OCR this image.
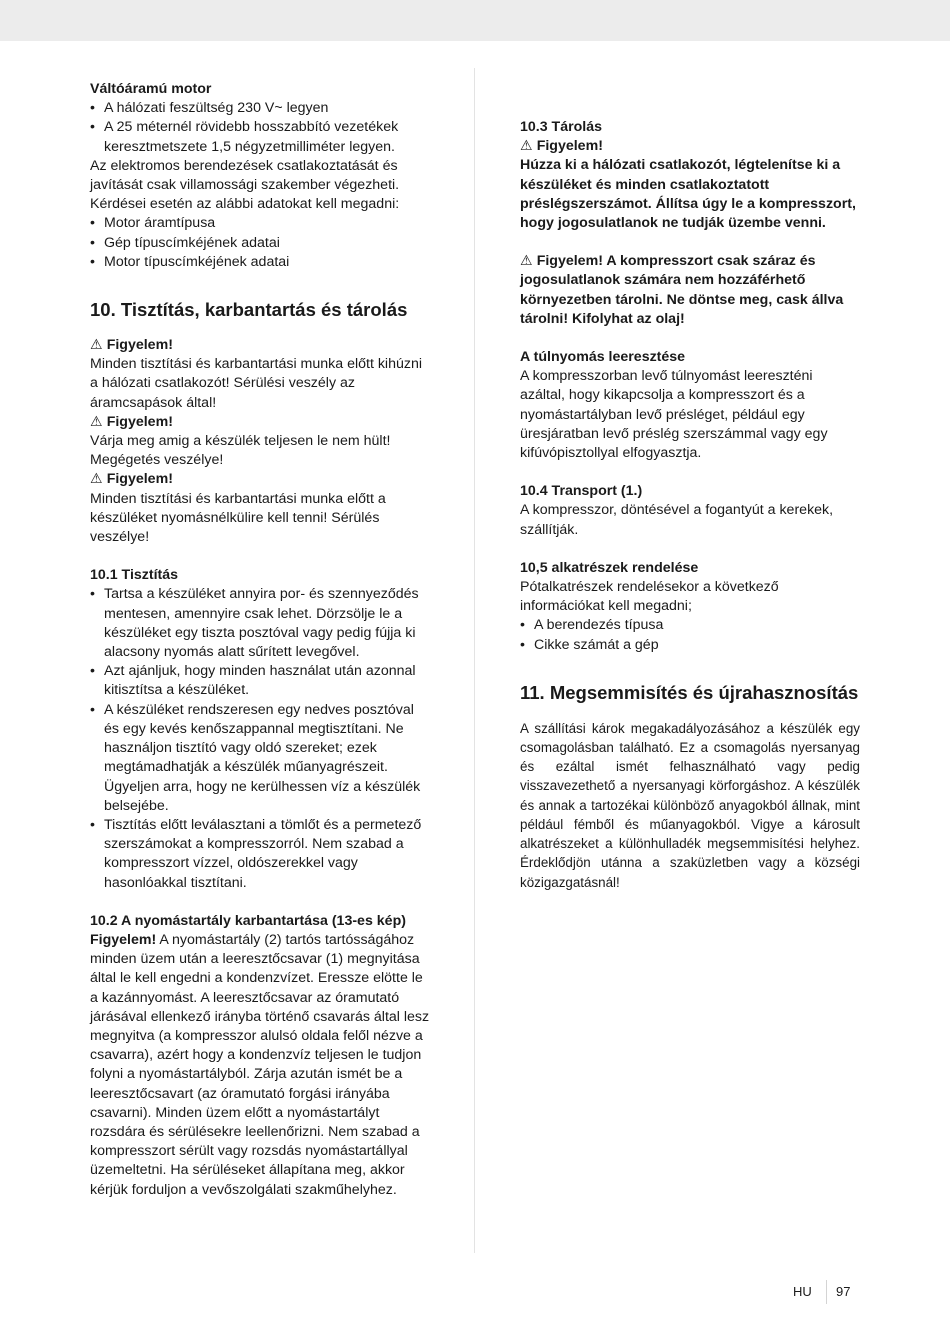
Váltóáramú motor

• A hálózati feszültség 230 V~ legyen
• A 25 méternél rövidebb hosszabbító vezetékek keresztmetszete 1,5 négyzetmilliméter legyen.

Az elektromos berendezések csatlakoztatását és javítását csak villamossági szakember végezheti. Kérdései esetén az alábbi adatokat kell megadni:

• Motor áramtípusa
• Gép típuscímkéjének adatai
• Motor típuscímkéjének adatai

10. Tisztítás, karbantartás és tárolás

⚠ Figyelem!

Minden tisztítási és karbantartási munka előtt kihúzni a hálózati csatlakozót! Sérülési veszély az áramcsapások által!

⚠ Figyelem!

Várja meg amig a készülék teljesen le nem hült! Megégetés veszélye!

⚠ Figyelem!

Minden tisztítási és karbantartási munka előtt a készüléket nyomásnélkülire kell tenni! Sérülés veszélye!

10.1 Tisztítás

• Tartsa a készüléket annyira por- és szennyeződés mentesen, amennyire csak lehet. Dörzsölje le a készüléket egy tiszta posztóval vagy pedig fújja ki alacsony nyomás alatt sűrített levegővel.
• Azt ajánljuk, hogy minden használat után azonnal kitisztítsa a készüléket.
• A készüléket rendszeresen egy nedves posztóval és egy kevés kenőszappannal megtisztítani. Ne használjon tisztító vagy oldó szereket; ezek megtámadhatják a készülék műanyagrészeit. Ügyeljen arra, hogy ne kerülhessen víz a készülék belsejébe.
• Tisztítás előtt leválasztani a tömlőt és a permetező szerszámokat a kompresszorról. Nem szabad a kompresszort vízzel, oldószerekkel vagy hasonlóakkal tisztítani.

10.2 A nyomástartály karbantartása (13-es kép)

Figyelem! A nyomástartály (2) tartós tartósságához minden üzem után a leeresztőcsavar (1) megnyitása által le kell engedni a kondenzvízet. Eressze elötte le a kazánnyomást. A leeresztőcsavar az óramutató járásával ellenkező irányba történő csavarás által lesz megnyitva (a kompresszor alulsó oldala felől nézve a csavarra), azért hogy a kondenzvíz teljesen le tudjon folyni a nyomástartályból. Zárja azután ismét be a leeresztőcsavart (az óramutató forgási irányába csavarni). Minden üzem előtt a nyomástartályt rozsdára és sérülésekre leellenőrizni. Nem szabad a kompresszort sérült vagy rozsdás nyomástartállyal üzemeltetni. Ha sérüléseket állapítana meg, akkor kérjük forduljon a vevőszolgálati szakműhelyhez.

10.3 Tárolás

⚠ Figyelem!

Húzza ki a hálózati csatlakozót, légtelenítse ki a készüléket és minden csatlakoztatott préslégszerszámot. Állítsa úgy le a kompresszort, hogy jogosulatlanok ne tudják üzembe venni.

⚠ Figyelem! A kompresszort csak száraz és jogosulatlanok számára nem hozzáférhető környezetben tárolni. Ne döntse meg, cask állva tárolni! Kifolyhat az olaj!

A túlnyomás leeresztése

A kompresszorban levő túlnyomást leereszténi azáltal, hogy kikapcsolja a kompresszort és a nyomástartályban levő présléget, például egy üresjáratban levő préslég szerszámmal vagy egy kifúvópisztollyal elfogyasztja.

10.4 Transport (1.)

A kompresszor, döntésével a fogantyút a kerekek, szállítják.

10,5 alkatrészek rendelése

Pótalkatrészek rendelésekor a következő információkat kell megadni;

• A berendezés típusa
• Cikke számát a gép

11. Megsemmisítés és újrahasznosítás

A szállítási károk megakadályozásához a készülék egy csomagolásban található. Ez a csomagolás nyersanyag és ezáltal ismét felhasználható vagy pedig visszavezethető a nyersanyagi körforgáshoz. A készülék és annak a tartozékai különböző anyagokból állnak, mint például fémből és műanyagokból. Vigye a károsult alkatrészeket a különhulladék megsemmisítési helyhez. Érdeklődjön utánna a szaküzletben vagy a községi közigazgatásnál!

HU 97
